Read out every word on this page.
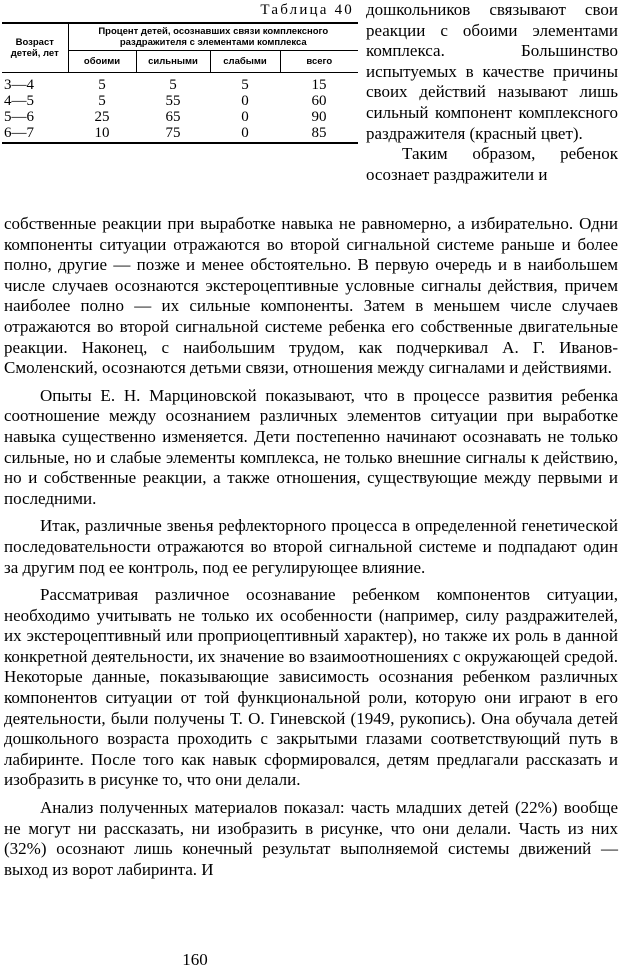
Таблица 40
Возраст детей, лет	Процент детей, осознавших связи комплексного раздражителя с элементами комплекса			
	обоими	сильными	слабыми	всего
3—4	5	5	5	15
4—5	5	55	0	60
5—6	25	65	0	90
6—7	10	75	0	85

дошкольников связывают свои реакции с обоими элементами комплекса. Большинство испытуемых в качестве причины своих действий называют лишь сильный компонент комплексного раздражителя (красный цвет).

Таким образом, ребенок осознает раздражители и

собственные реакции при выработке навыка не равномерно, а избирательно. Одни компоненты ситуации отражаются во второй сигнальной системе раньше и более полно, другие — позже и менее обстоятельно. В первую очередь и в наибольшем числе случаев осознаются экстероцептивные условные сигналы действия, причем наиболее полно — их сильные компоненты. Затем в меньшем числе случаев отражаются во второй сигнальной системе ребенка его собственные двигательные реакции. Наконец, с наибольшим трудом, как подчеркивал А. Г. Иванов-Смоленский, осознаются детьми связи, отношения между сигналами и действиями.

Опыты Е. Н. Марциновской показывают, что в процессе развития ребенка соотношение между осознанием различных элементов ситуации при выработке навыка существенно изменяется. Дети постепенно начинают осознавать не только сильные, но и слабые элементы комплекса, не только внешние сигналы к действию, но и собственные реакции, а также отношения, существующие между первыми и последними.

Итак, различные звенья рефлекторного процесса в определенной генетической последовательности отражаются во второй сигнальной системе и подпадают один за другим под ее контроль, под ее регулирующее влияние.

Рассматривая различное осознавание ребенком компонентов ситуации, необходимо учитывать не только их особенности (например, силу раздражителей, их экстероцептивный или проприоцептивный характер), но также их роль в данной конкретной деятельности, их значение во взаимоотношениях с окружающей средой. Некоторые данные, показывающие зависимость осознания ребенком различных компонентов ситуации от той функциональной роли, которую они играют в его деятельности, были получены Т. О. Гиневской (1949, рукопись). Она обучала детей дошкольного возраста проходить с закрытыми глазами соответствующий путь в лабиринте. После того как навык сформировался, детям предлагали рассказать и изобразить в рисунке то, что они делали.

Анализ полученных материалов показал: часть младших детей (22%) вообще не могут ни рассказать, ни изобразить в рисунке, что они делали. Часть из них (32%) осознают лишь конечный результат выполняемой системы движений — выход из ворот лабиринта. И

160
